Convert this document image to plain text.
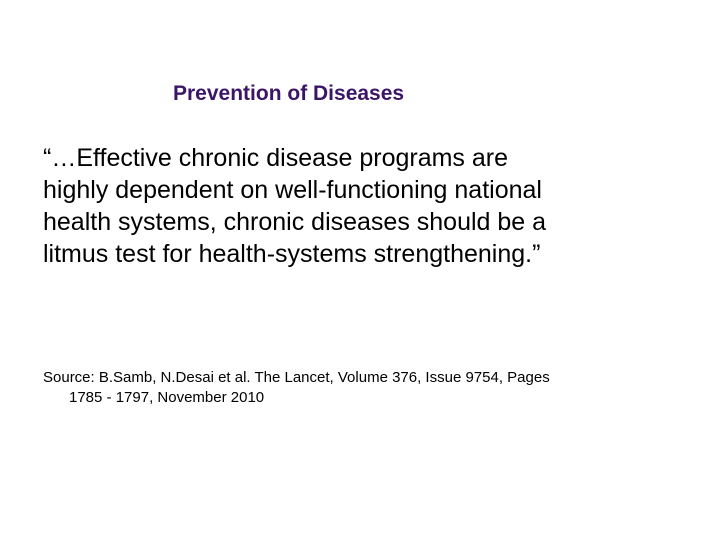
Prevention of Diseases

“…Effective chronic disease programs are
highly dependent on well-functioning national
health systems, chronic diseases should be a
litmus test for health-systems strengthening.”

Source: B.Samb, N.Desai et al. The Lancet, Volume 376, Issue 9754, Pages
1785 - 1797, November 2010
